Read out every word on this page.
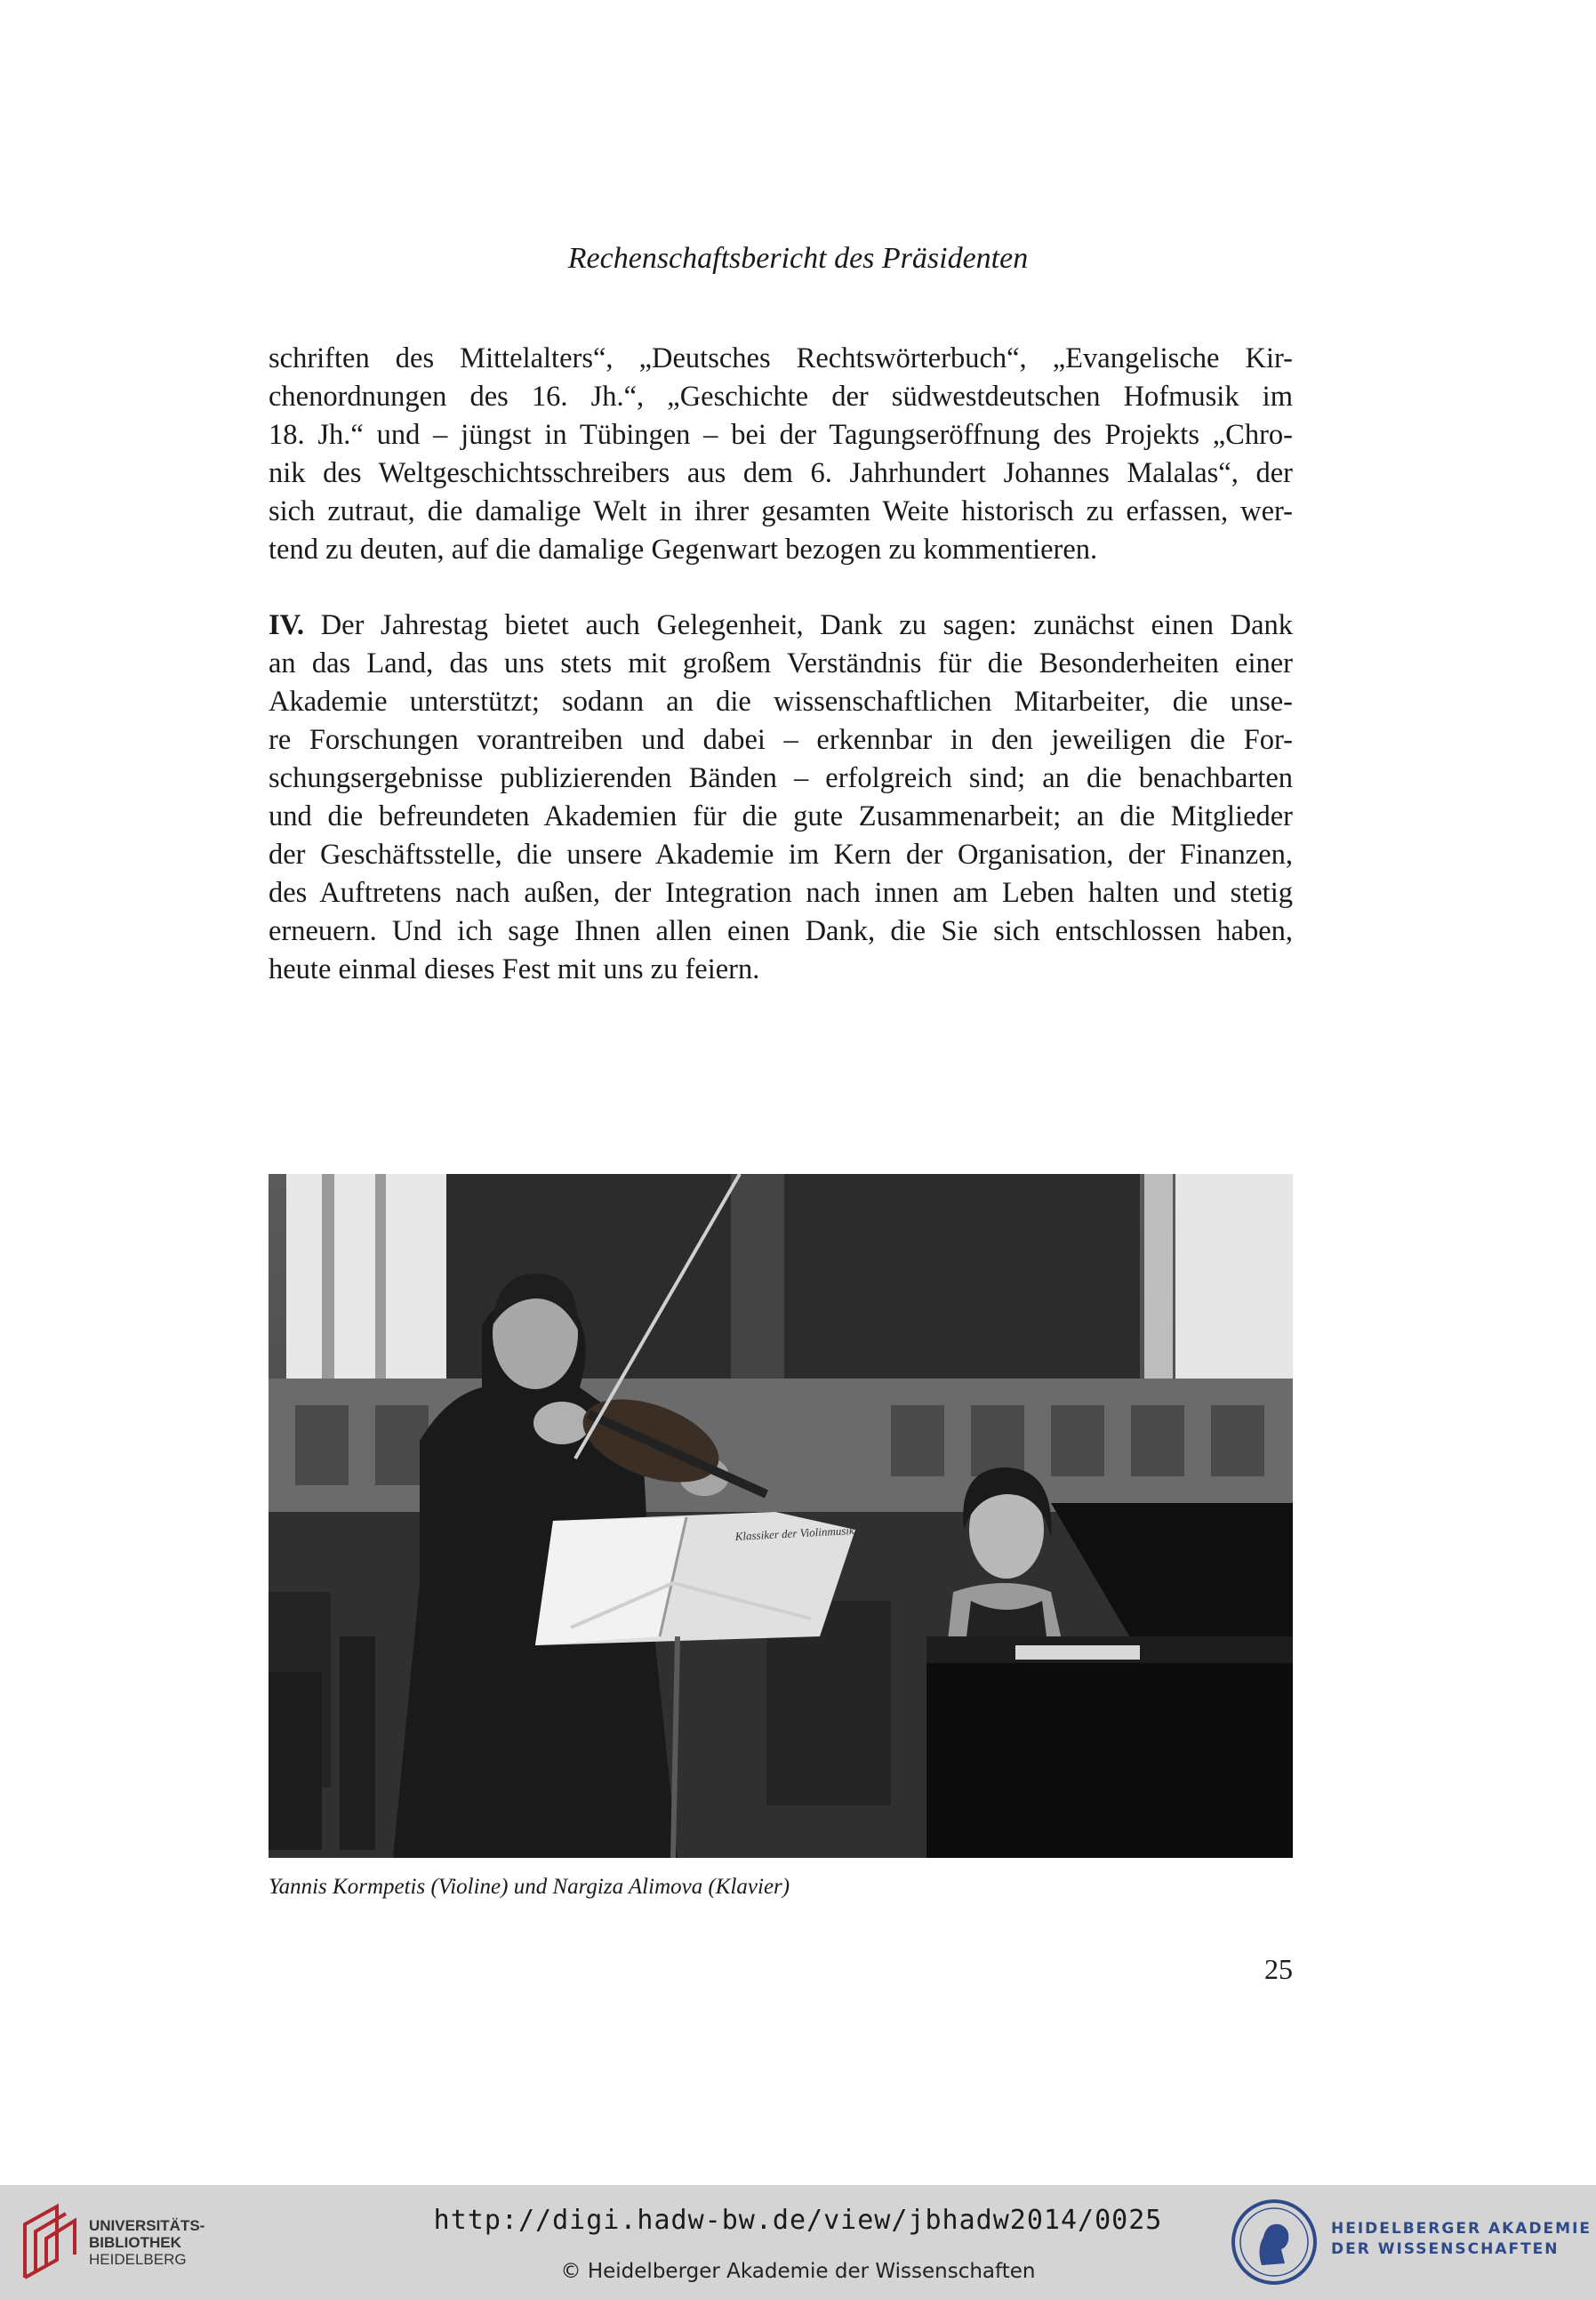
Rechenschaftsbericht des Präsidenten
schriften des Mittelalters“, „Deutsches Rechtswörterbuch“, „Evangelische Kir-
chenordnungen des 16. Jh.“, „Geschichte der südwestdeutschen Hofmusik im
18. Jh.“ und – jüngst in Tübingen – bei der Tagungseröffnung des Projekts „Chro-
nik des Weltgeschichtsschreibers aus dem 6. Jahrhundert Johannes Malalas“, der
sich zutraut, die damalige Welt in ihrer gesamten Weite historisch zu erfassen, wer-
tend zu deuten, auf die damalige Gegenwart bezogen zu kommentieren.
IV. Der Jahrestag bietet auch Gelegenheit, Dank zu sagen: zunächst einen Dank
an das Land, das uns stets mit großem Verständnis für die Besonderheiten einer
Akademie unterstützt; sodann an die wissenschaftlichen Mitarbeiter, die unse-
re Forschungen vorantreiben und dabei – erkennbar in den jeweiligen die For-
schungsergebnisse publizierenden Bänden – erfolgreich sind; an die benachbarten
und die befreundeten Akademien für die gute Zusammenarbeit; an die Mitglieder
der Geschäftsstelle, die unsere Akademie im Kern der Organisation, der Finanzen,
des Auftretens nach außen, der Integration nach innen am Leben halten und stetig
erneuern. Und ich sage Ihnen allen einen Dank, die Sie sich entschlossen haben,
heute einmal dieses Fest mit uns zu feiern.
Klassiker der Violinmusik
Yannis Kormpetis (Violine) und Nargiza Alimova (Klavier)
25
UNIVERSITÄTS-
BIBLIOTHEK
HEIDELBERG
http://digi.hadw-bw.de/view/jbhadw2014/0025
© Heidelberger Akademie der Wissenschaften
HEIDELBERGER AKADEMIE
DER WISSENSCHAFTEN
